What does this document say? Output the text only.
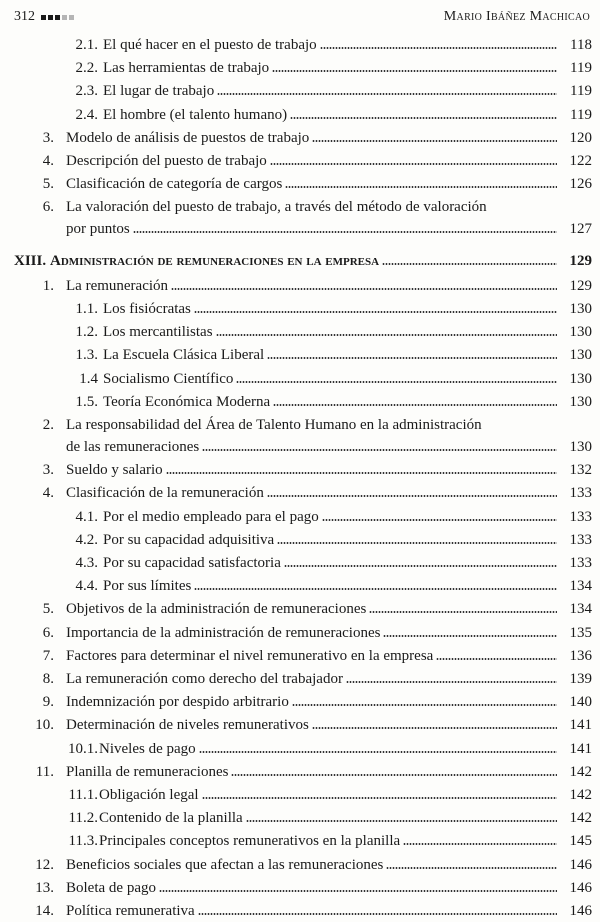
312	Mario Ibáñez Machicao
2.1. El qué hacer en el puesto de trabajo	118
2.2. Las herramientas de trabajo	119
2.3. El lugar de trabajo	119
2.4. El hombre (el talento humano)	119
3. Modelo de análisis de puestos de trabajo	120
4. Descripción del puesto de trabajo	122
5. Clasificación de categoría de cargos	126
6. La valoración del puesto de trabajo, a través del método de valoración
por puntos	127
XIII. Administración de remuneraciones en la empresa	129
1. La remuneración	129
1.1. Los fisiócratas	130
1.2. Los mercantilistas	130
1.3. La Escuela Clásica Liberal	130
1.4 Socialismo Científico	130
1.5. Teoría Económica Moderna	130
2. La responsabilidad del Área de Talento Humano en la administración
de las remuneraciones	130
3. Sueldo y salario	132
4. Clasificación de la remuneración	133
4.1. Por el medio empleado para el pago	133
4.2. Por su capacidad adquisitiva	133
4.3. Por su capacidad satisfactoria	133
4.4. Por sus límites	134
5. Objetivos de la administración de remuneraciones	134
6. Importancia de la administración de remuneraciones	135
7. Factores para determinar el nivel remunerativo en la empresa	136
8. La remuneración como derecho del trabajador	139
9. Indemnización por despido arbitrario	140
10. Determinación de niveles remunerativos	141
10.1. Niveles de pago	141
11. Planilla de remuneraciones	142
11.1. Obligación legal	142
11.2. Contenido de la planilla	142
11.3. Principales conceptos remunerativos en la planilla	145
12. Beneficios sociales que afectan a las remuneraciones	146
13. Boleta de pago	146
14. Política remunerativa	146
